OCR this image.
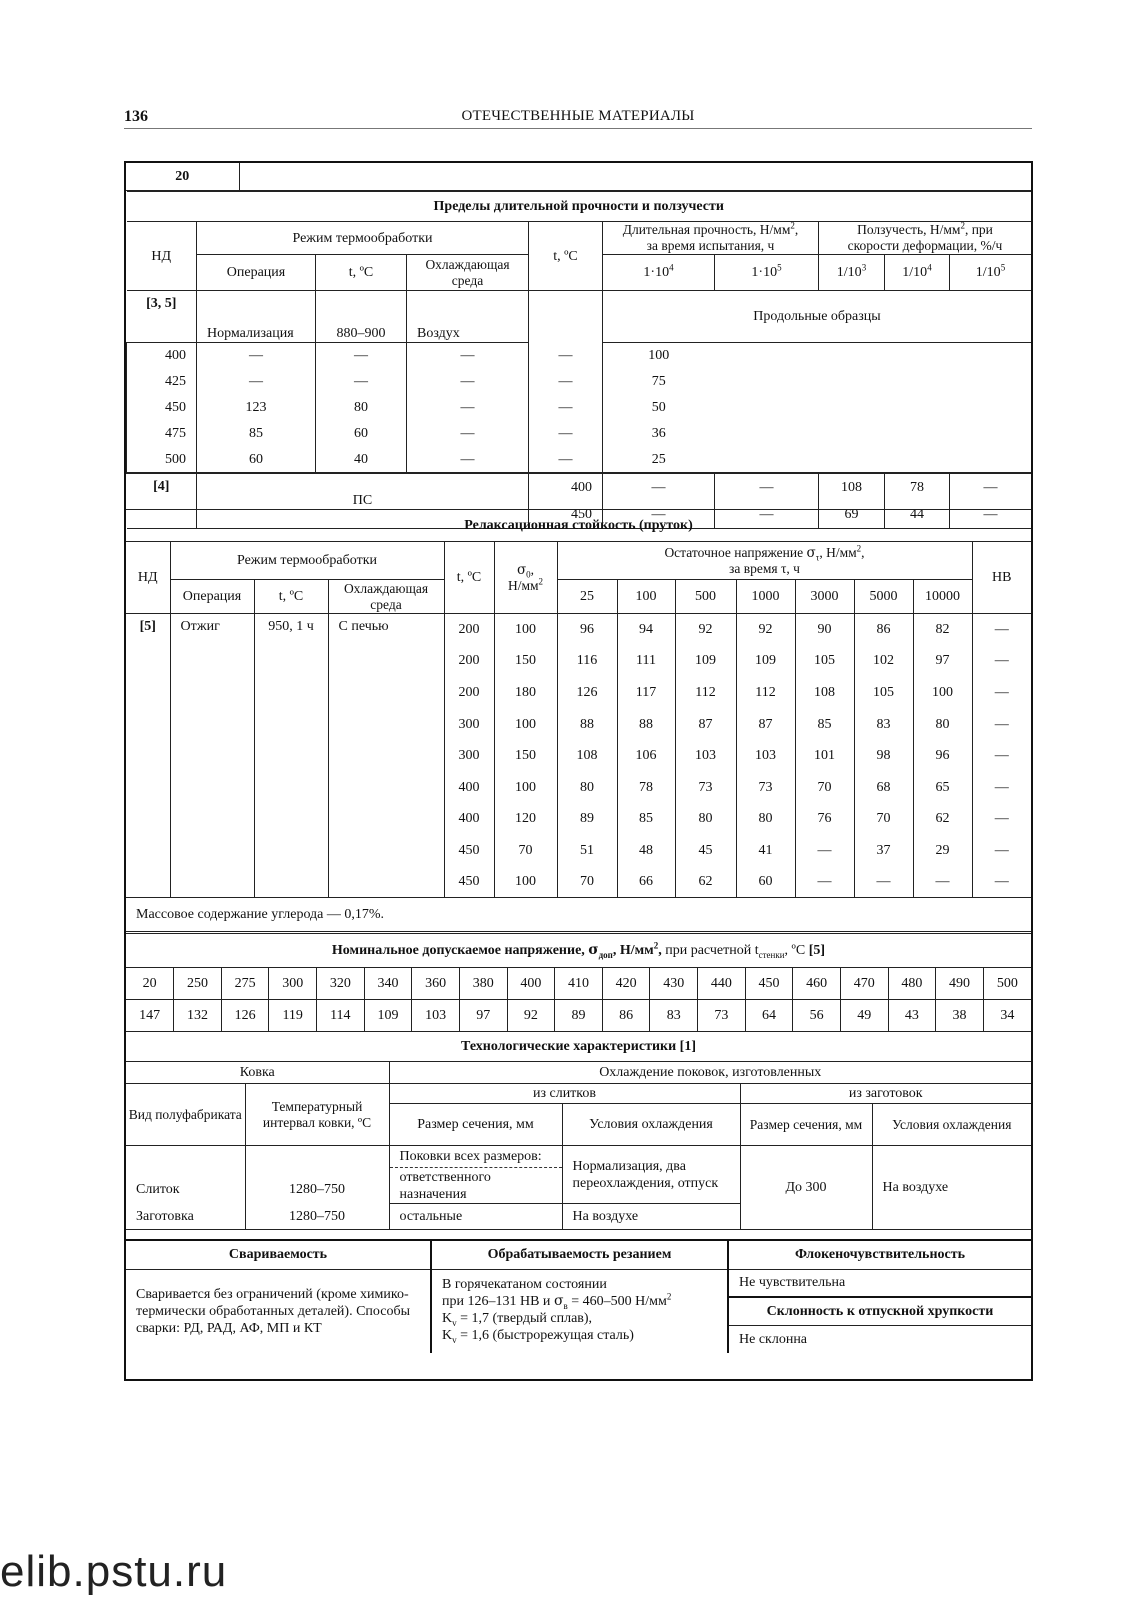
136	ОТЕЧЕСТВЕННЫЕ МАТЕРИАЛЫ
20	
Пределы длительной прочности и ползучести									
НД	Режим термообработки			t, ºC	Длительная прочность, $Н/мм^2$,
за время испытания, ч		Ползучесть, $Н/мм^2$, при
скорости деформации, %/ч		
	Операция	t, ºC	Охлаждающая среда		$1\cdot 10^4$	$1\cdot 10^5$	$1/10^3$	$1/10^4$	$1/10^5$
[3, 5]	Нормализация	880–900	Воздух		Продольные образцы				
400	—	—	—	—	100				
425	—	—	—	—	75				
450	123	80	—	—	50				
475	85	60	—	—	36				
500	60	40	—	—	25				
[4]	ПС			400	—	—	108	78	—
				450	—	—	69	44	—
Релаксационная стойкость (пруток)													
НД	Режим термообработки			t, ºC	$\sigma_0$,
$Н/мм^2$	Остаточное напряжение $\sigma_\tau$, $Н/мм^2$,
за время τ, ч							НВ
	Операция	t, ºC	Охлаждающая среда			25	100	500	1000	3000	5000	10000	
[5]	Отжиг	950, 1 ч	С печью	200	100	96	94	92	92	90	86	82	—
				200	150	116	111	109	109	105	102	97	—
				200	180	126	117	112	112	108	105	100	—
				300	100	88	88	87	87	85	83	80	—
				300	150	108	106	103	103	101	98	96	—
				400	100	80	78	73	73	70	68	65	—
				400	120	89	85	80	80	76	70	62	—
				450	70	51	48	45	41	—	37	29	—
				450	100	70	66	62	60	—	—	—	—
Массовое содержание углерода — 0,17%.													
Номинальное допускаемое напряжение, $\sigma_{доп}$, $Н/мм^2$, при расчетной $t_{стенки}$, ºC [5]																		
20	250	275	300	320	340	360	380	400	410	420	430	440	450	460	470	480	490	500
147	132	126	119	114	109	103	97	92	89	86	83	73	64	56	49	43	38	34
Технологические характеристики [1]					
Ковка		Охлаждение поковок, изготовленных			
Вид полуфабриката	Температурный интервал ковки, ºC	из слитков		из заготовок	
		Размер сечения, мм	Условия охлаждения	Размер сечения, мм	Условия охлаждения
Слиток	1280–750	Поковки всех размеров:	Нормализация, два переохлаждения, отпуск	До 300	На воздухе
		ответственного назначения			
Заготовка	1280–750	остальные	На воздухе		
Свариваемость	Обрабатываемость резанием	Флокеночувствительность
Сваривается без ограничений (кроме химико-термически обработанных деталей). Способы сварки: РД, РАД, АФ, МП и КТ	В горячекатаном состоянии
при 126–131 НВ и $\sigma_в = 460-500$ $Н/мм^2$
$K_v = 1,7$ (твердый сплав),
$K_v = 1,6$ (быстрорежущая сталь)	Не чувствительна
		Склонность к отпускной хрупкости
		Не склонна
elib.pstu.ru
